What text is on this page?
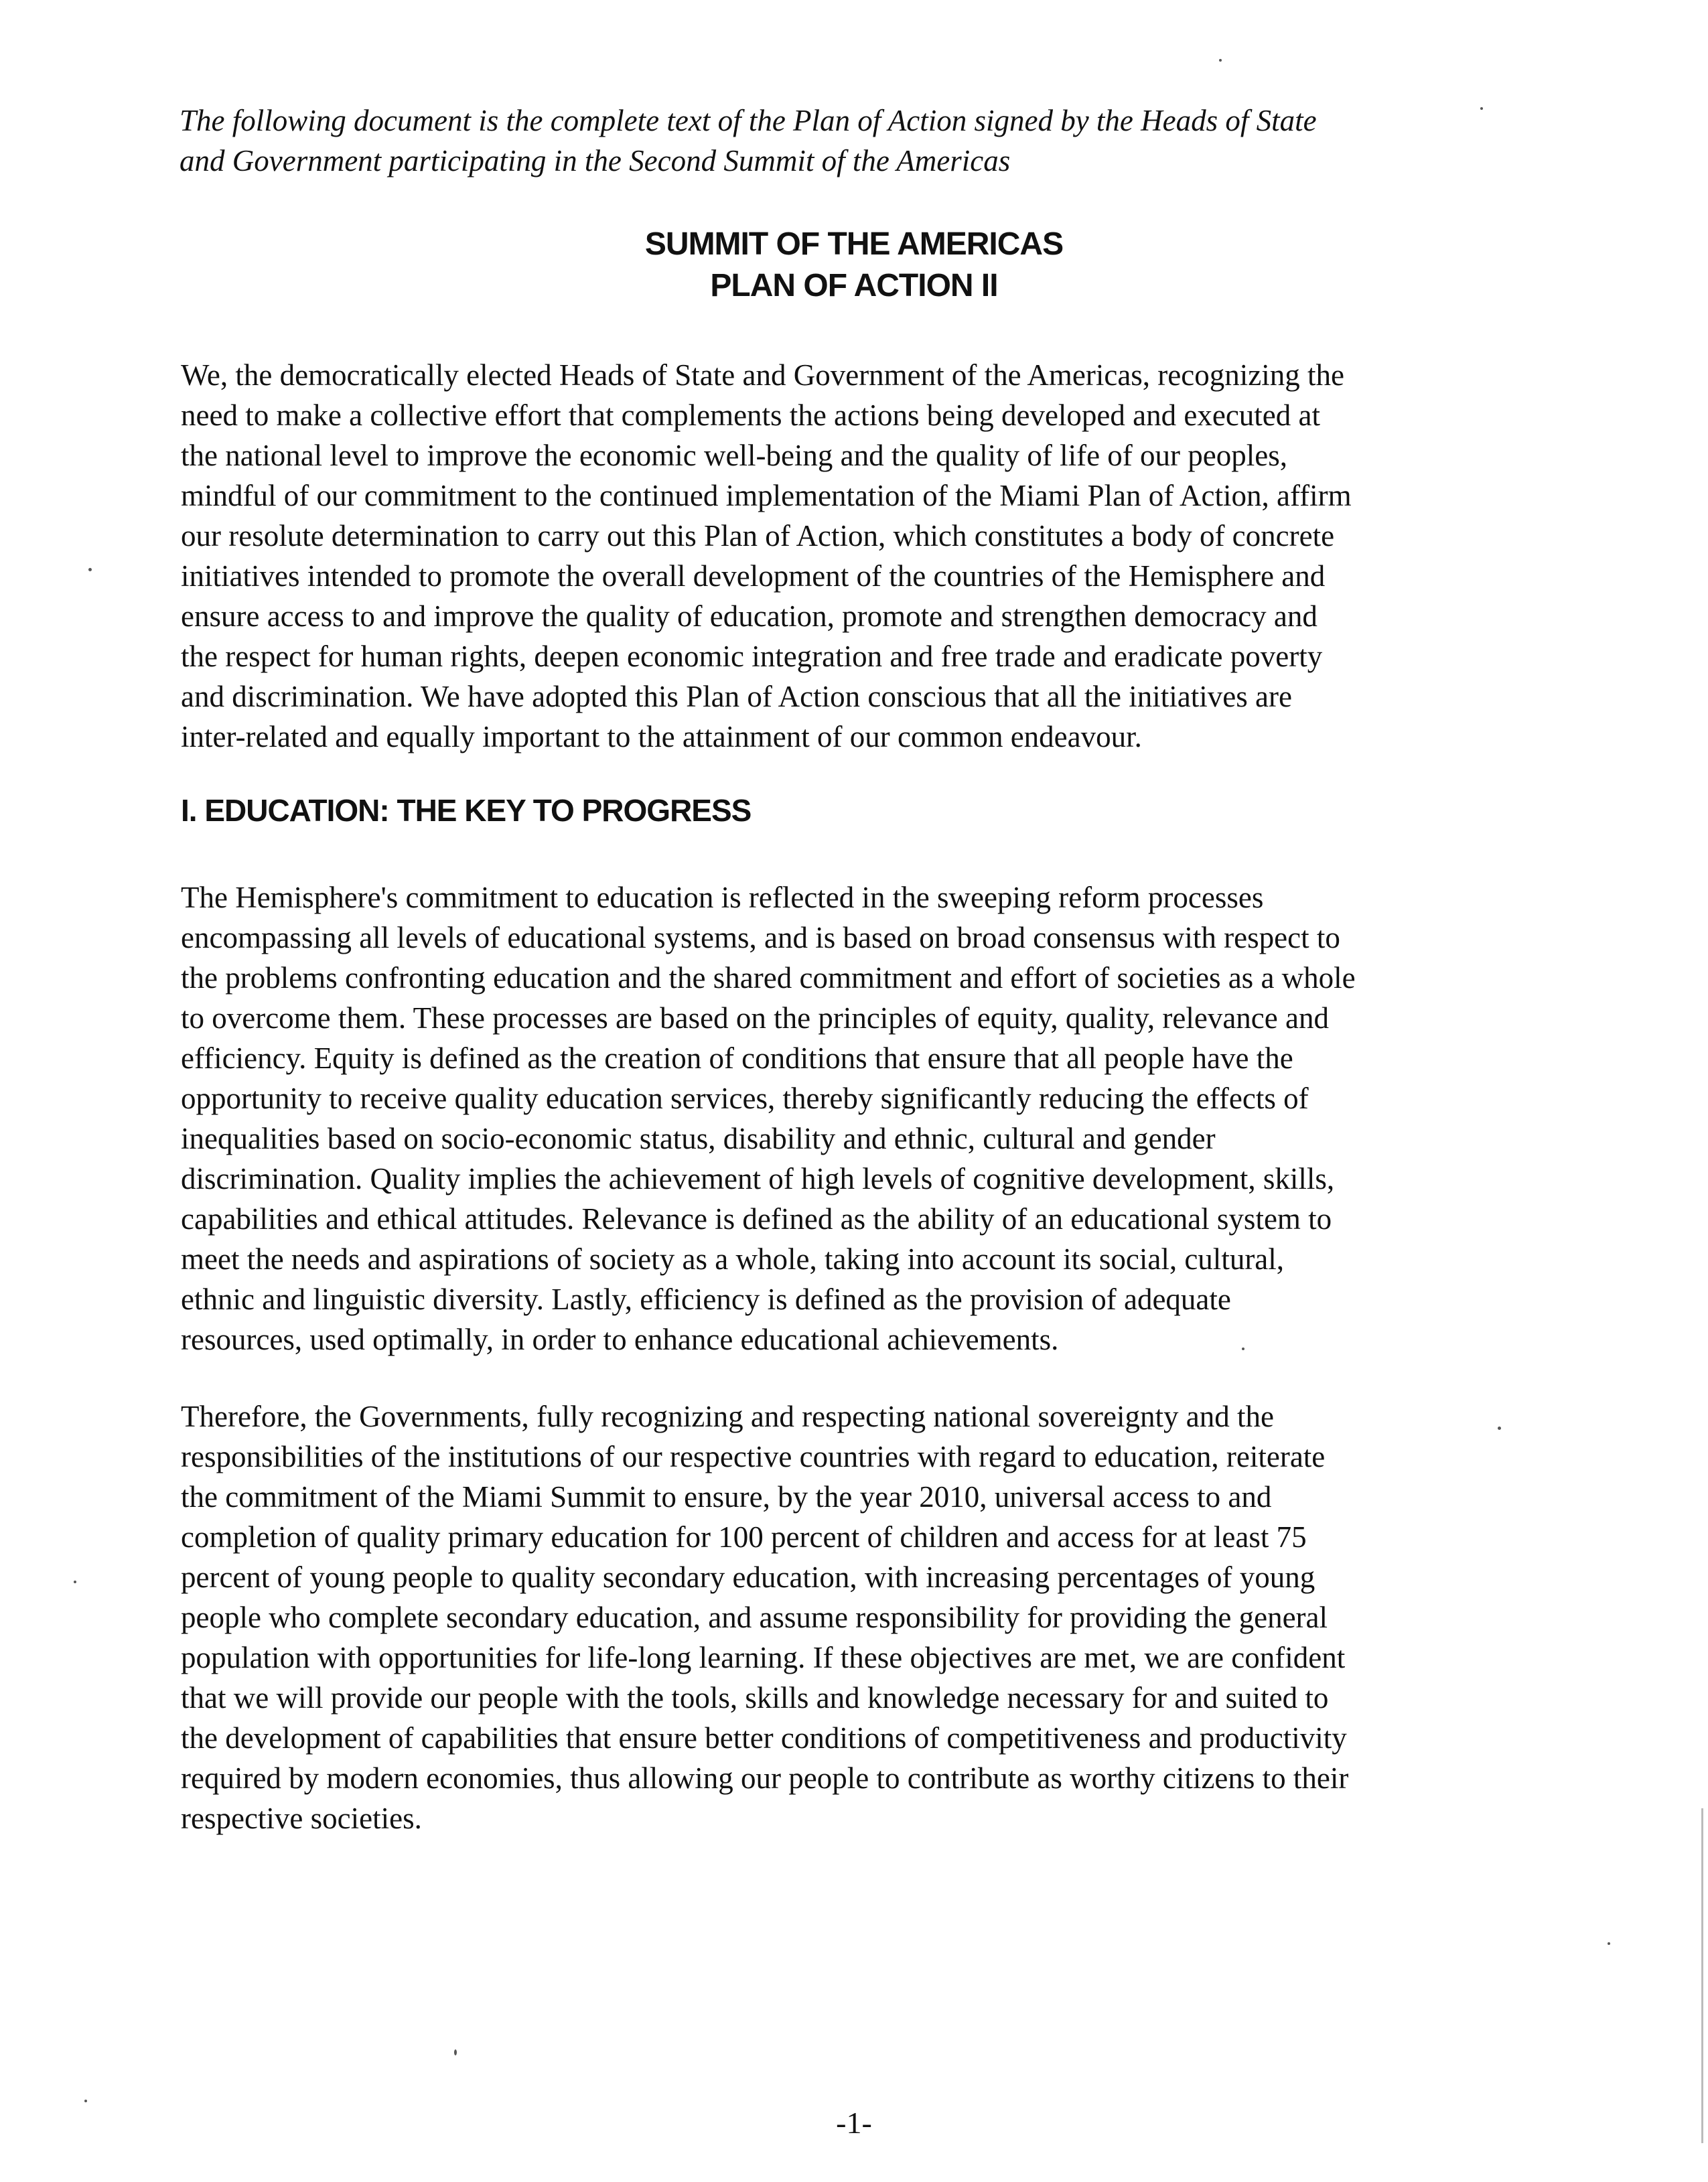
The following document is the complete text of the Plan of Action signed by the Heads of State
and Government participating in the Second Summit of the Americas

SUMMIT OF THE AMERICAS
PLAN OF ACTION II

We, the democratically elected Heads of State and Government of the Americas, recognizing the
need to make a collective effort that complements the actions being developed and executed at
the national level to improve the economic well-being and the quality of life of our peoples,
mindful of our commitment to the continued implementation of the Miami Plan of Action, affirm
our resolute determination to carry out this Plan of Action, which constitutes a body of concrete
initiatives intended to promote the overall development of the countries of the Hemisphere and
ensure access to and improve the quality of education, promote and strengthen democracy and
the respect for human rights, deepen economic integration and free trade and eradicate poverty
and discrimination. We have adopted this Plan of Action conscious that all the initiatives are
inter-related and equally important to the attainment of our common endeavour.

I. EDUCATION: THE KEY TO PROGRESS

The Hemisphere's commitment to education is reflected in the sweeping reform processes
encompassing all levels of educational systems, and is based on broad consensus with respect to
the problems confronting education and the shared commitment and effort of societies as a whole
to overcome them. These processes are based on the principles of equity, quality, relevance and
efficiency. Equity is defined as the creation of conditions that ensure that all people have the
opportunity to receive quality education services, thereby significantly reducing the effects of
inequalities based on socio-economic status, disability and ethnic, cultural and gender
discrimination. Quality implies the achievement of high levels of cognitive development, skills,
capabilities and ethical attitudes. Relevance is defined as the ability of an educational system to
meet the needs and aspirations of society as a whole, taking into account its social, cultural,
ethnic and linguistic diversity. Lastly, efficiency is defined as the provision of adequate
resources, used optimally, in order to enhance educational achievements.

Therefore, the Governments, fully recognizing and respecting national sovereignty and the
responsibilities of the institutions of our respective countries with regard to education, reiterate
the commitment of the Miami Summit to ensure, by the year 2010, universal access to and
completion of quality primary education for 100 percent of children and access for at least 75
percent of young people to quality secondary education, with increasing percentages of young
people who complete secondary education, and assume responsibility for providing the general
population with opportunities for life-long learning. If these objectives are met, we are confident
that we will provide our people with the tools, skills and knowledge necessary for and suited to
the development of capabilities that ensure better conditions of competitiveness and productivity
required by modern economies, thus allowing our people to contribute as worthy citizens to their
respective societies.

-1-
